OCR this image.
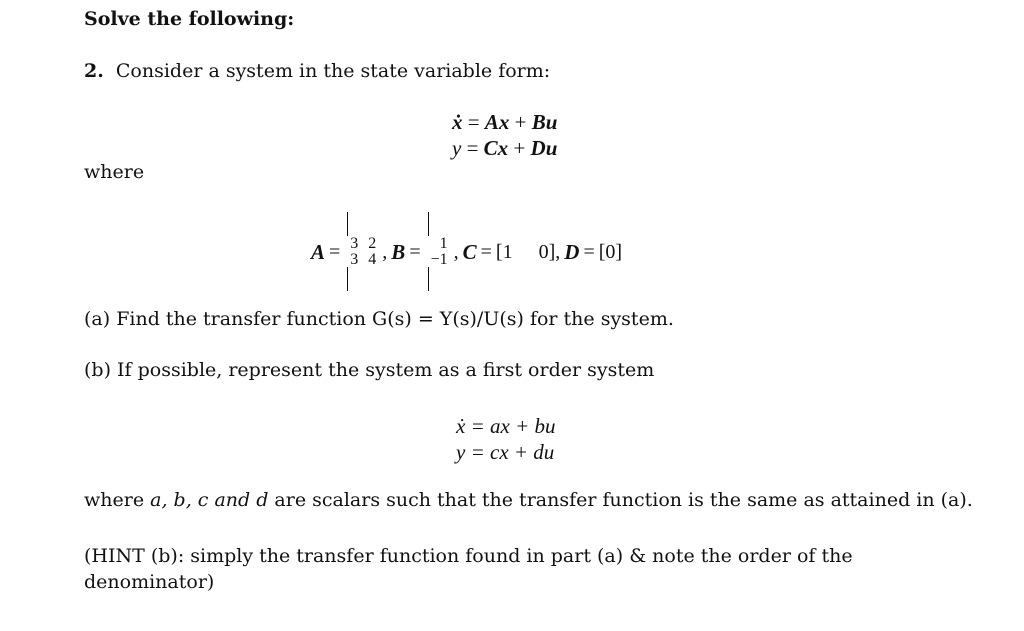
Solve the following:
2. Consider a system in the state variable form:
ẋ = Ax + Bu
y = Cx + Du
where
A = 3 2
3 4 , B =	1
−1 , C = [1 0] , D = [0]
(a) Find the transfer function G(s) = Y(s)/U(s) for the system.
(b) If possible, represent the system as a first order system
ẋ = ax + bu
y = cx + du
where a, b, c and d are scalars such that the transfer function is the same as attained in (a).
(HINT (b): simply the transfer function found in part (a) & note the order of the
denominator)
